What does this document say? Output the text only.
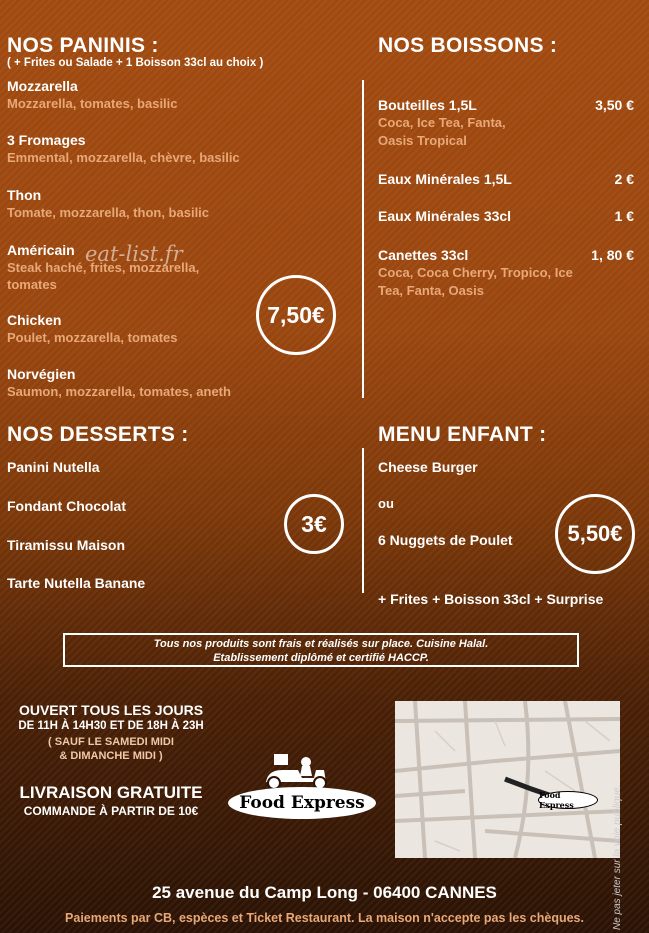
NOS PANINIS :
( + Frites ou Salade + 1 Boisson 33cl au choix )
Mozzarella
Mozzarella, tomates, basilic
3 Fromages
Emmental, mozzarella, chèvre, basilic
Thon
Tomate, mozzarella, thon, basilic
Américain
Steak haché, frites, mozzarella, tomates
Chicken
Poulet, mozzarella, tomates
Norvégien
Saumon, mozzarella, tomates, aneth
eat-list.fr
7,50€
NOS BOISSONS :
Bouteilles 1,5L	3,50 €
Coca, Ice Tea, Fanta, Oasis Tropical
Eaux Minérales 1,5L	2 €
Eaux Minérales 33cl	1 €
Canettes 33cl	1, 80 €
Coca, Coca Cherry, Tropico, Ice Tea, Fanta, Oasis
NOS DESSERTS :
Panini Nutella
Fondant Chocolat
Tiramissu Maison
Tarte Nutella Banane
3€
MENU ENFANT :
Cheese Burger
ou
6 Nuggets de Poulet
+ Frites + Boisson 33cl + Surprise
5,50€
Tous nos produits sont frais et réalisés sur place. Cuisine Halal.
Etablissement diplômé et certifié HACCP.
OUVERT TOUS LES JOURS
DE 11H À 14H30 ET DE 18H À 23H
( SAUF LE SAMEDI MIDI
& DIMANCHE MIDI )
LIVRAISON GRATUITE
COMMANDE À PARTIR DE 10€	Food Express	Food Express
25 avenue du Camp Long - 06400 CANNES
Paiements par CB, espèces et Ticket Restaurant. La maison n'accepte pas les chèques.	Ne pas jeter sur la voie publique.
